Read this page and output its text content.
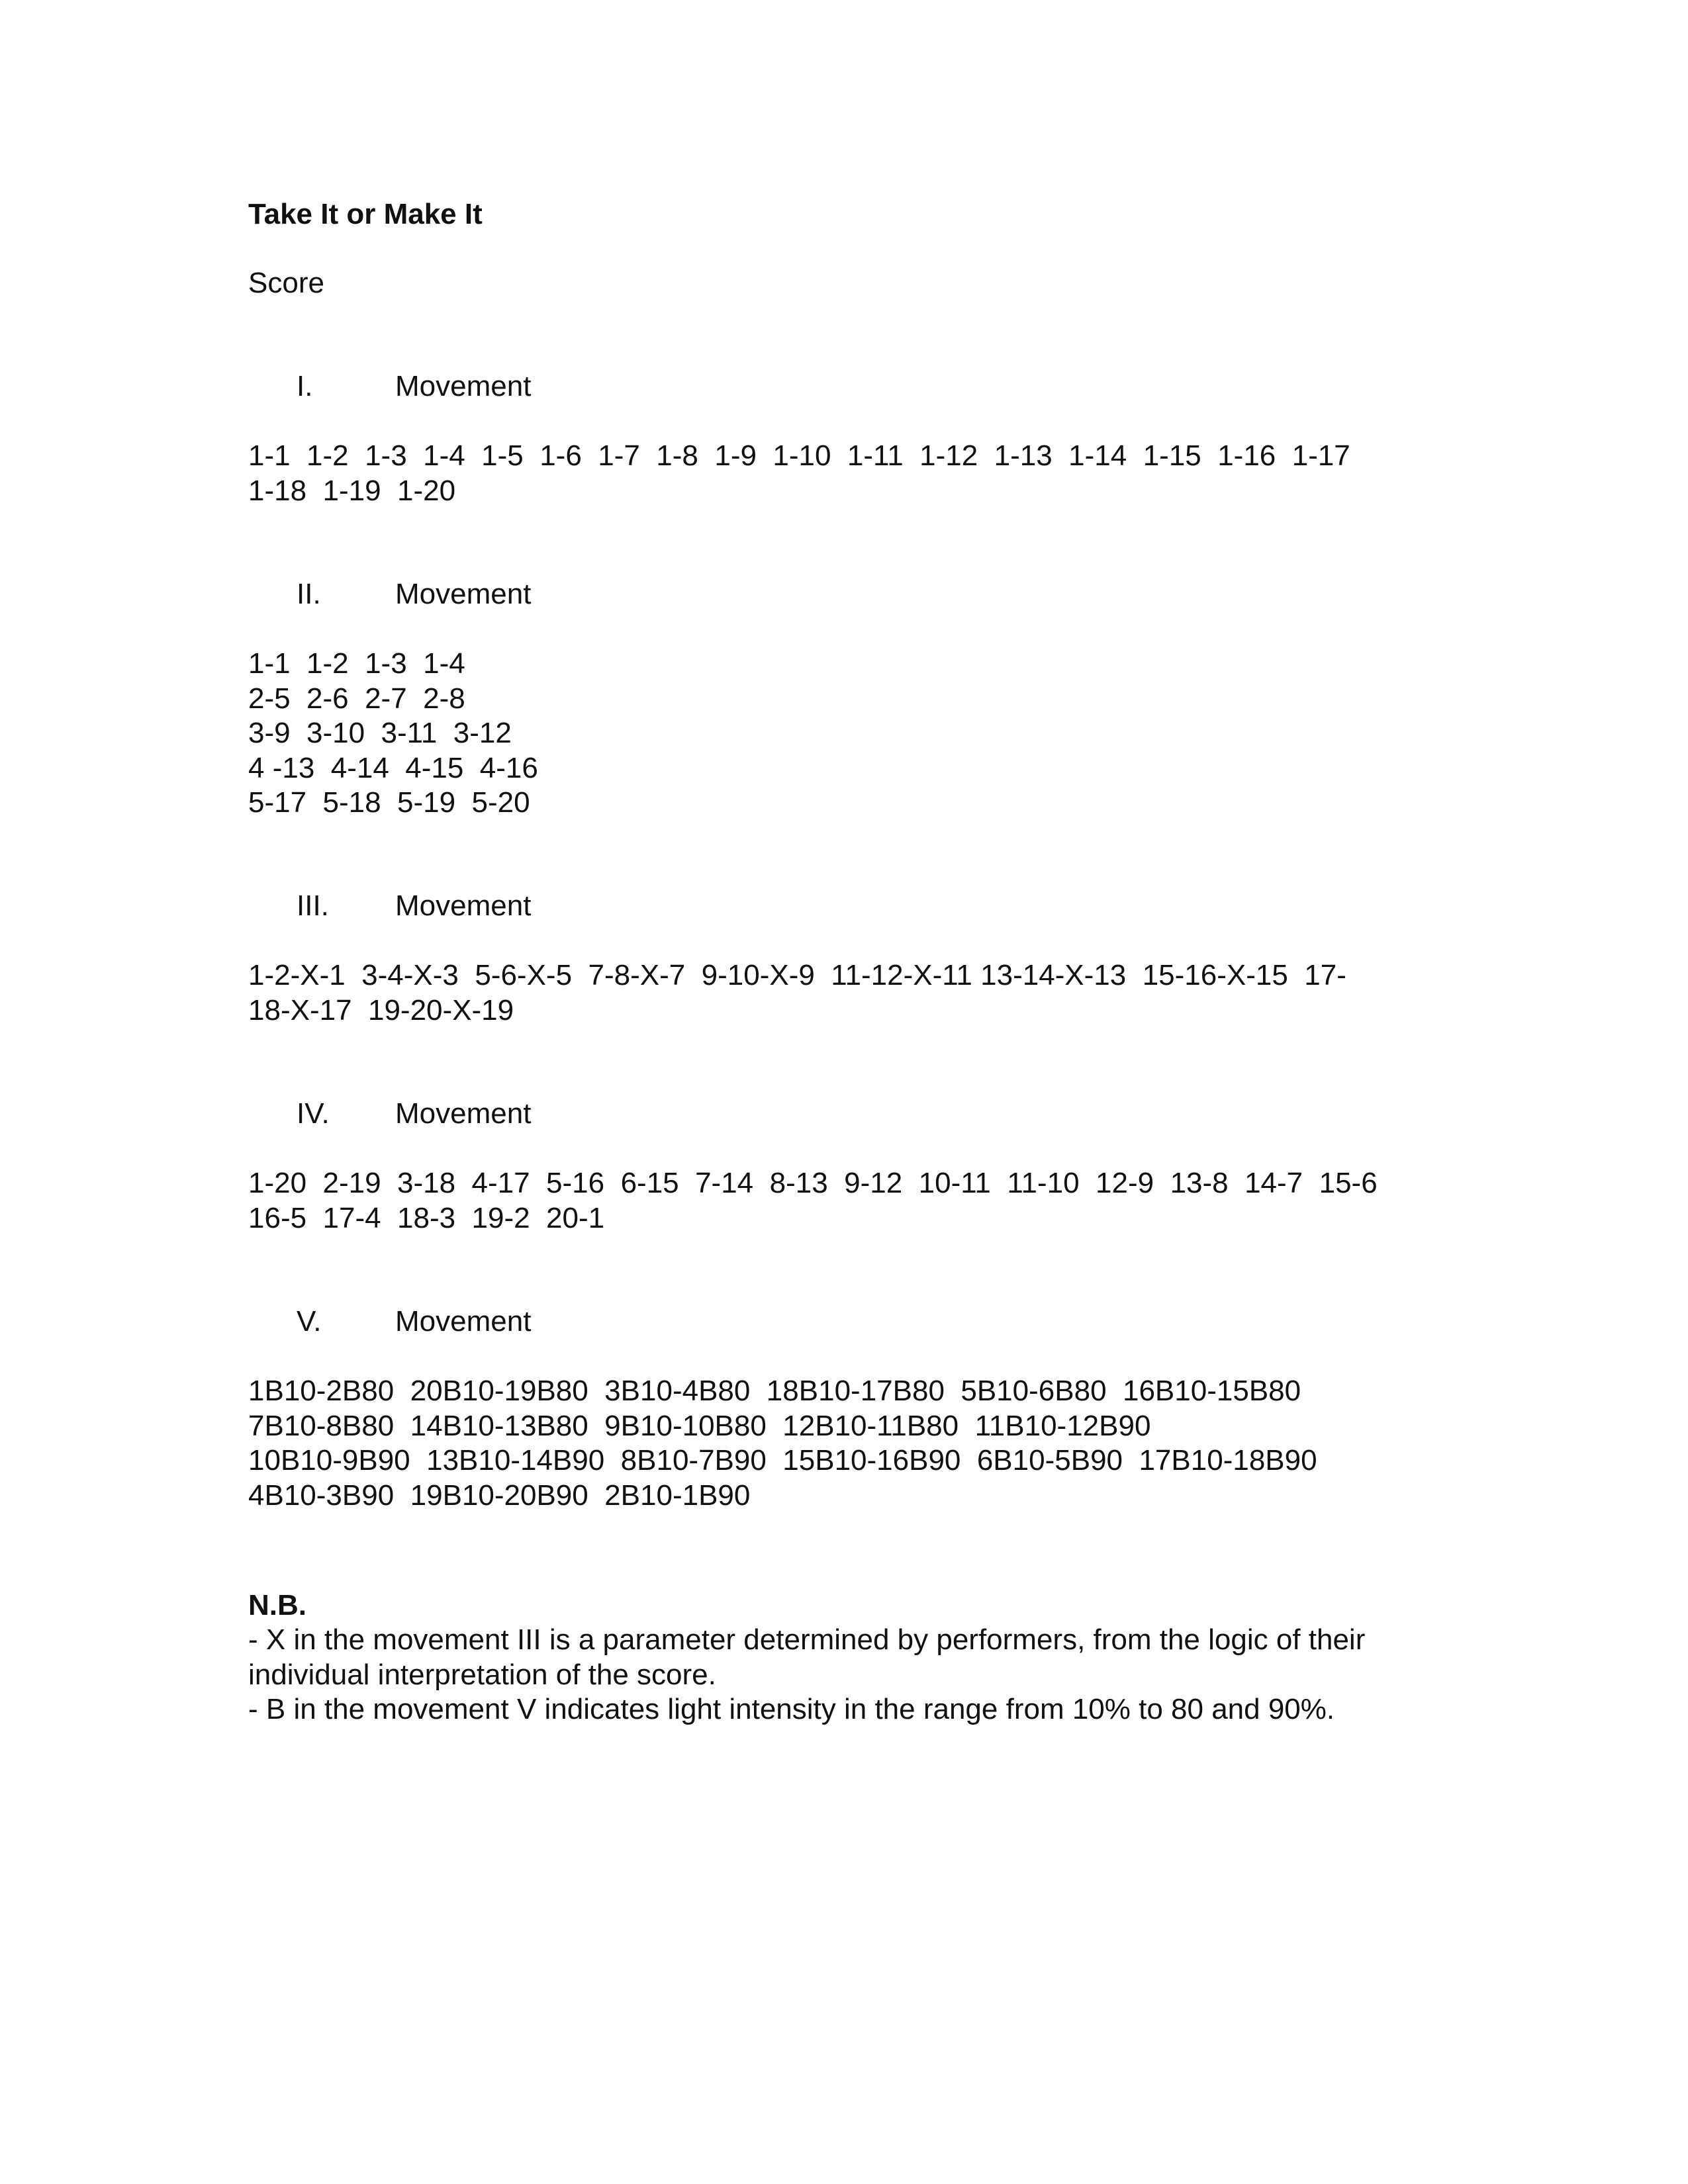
Take It or Make It
Score
I.	Movement
1-1  1-2  1-3  1-4  1-5  1-6  1-7  1-8  1-9  1-10  1-11  1-12  1-13  1-14  1-15  1-16  1-17
1-18  1-19  1-20
II.	Movement
1-1  1-2  1-3  1-4
2-5  2-6  2-7  2-8
3-9  3-10  3-11  3-12
4 -13  4-14  4-15  4-16
5-17  5-18  5-19  5-20
III. Movement
1-2-X-1  3-4-X-3  5-6-X-5  7-8-X-7  9-10-X-9  11-12-X-11 13-14-X-13  15-16-X-15  17-
18-X-17  19-20-X-19
IV. Movement
1-20  2-19  3-18  4-17  5-16  6-15  7-14  8-13  9-12  10-11  11-10  12-9  13-8  14-7  15-6
16-5  17-4  18-3  19-2  20-1
V.	Movement
1B10-2B80  20B10-19B80  3B10-4B80  18B10-17B80  5B10-6B80  16B10-15B80
7B10-8B80  14B10-13B80  9B10-10B80  12B10-11B80  11B10-12B90
10B10-9B90  13B10-14B90  8B10-7B90  15B10-16B90  6B10-5B90  17B10-18B90
4B10-3B90  19B10-20B90  2B10-1B90
N.B.
- X in the movement III is a parameter determined by performers, from the logic of their
individual interpretation of the score.
- B in the movement V indicates light intensity in the range from 10% to 80 and 90%.
